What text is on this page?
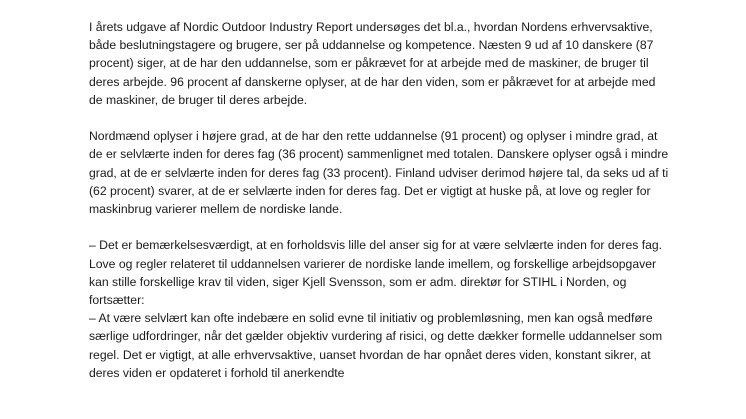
I årets udgave af Nordic Outdoor Industry Report undersøges det bl.a., hvordan Nordens erhvervsaktive, både beslutningstagere og brugere, ser på uddannelse og kompetence. Næsten 9 ud af 10 danskere (87 procent) siger, at de har den uddannelse, som er påkrævet for at arbejde med de maskiner, de bruger til deres arbejde. 96 procent af danskerne oplyser, at de har den viden, som er påkrævet for at arbejde med de maskiner, de bruger til deres arbejde.

Nordmænd oplyser i højere grad, at de har den rette uddannelse (91 procent) og oplyser i mindre grad, at de er selvlærte inden for deres fag (36 procent) sammenlignet med totalen. Danskere oplyser også i mindre grad, at de er selvlærte inden for deres fag (33 procent). Finland udviser derimod højere tal, da seks ud af ti (62 procent) svarer, at de er selvlærte inden for deres fag. Det er vigtigt at huske på, at love og regler for maskinbrug varierer mellem de nordiske lande.

– Det er bemærkelsesværdigt, at en forholdsvis lille del anser sig for at være selvlærte inden for deres fag. Love og regler relateret til uddannelsen varierer de nordiske lande imellem, og forskellige arbejdsopgaver kan stille forskellige krav til viden, siger Kjell Svensson, som er adm. direktør for STIHL i Norden, og fortsætter:

– At være selvlært kan ofte indebære en solid evne til initiativ og problemløsning, men kan også medføre særlige udfordringer, når det gælder objektiv vurdering af risici, og dette dækker formelle uddannelser som regel. Det er vigtigt, at alle erhvervsaktive, uanset hvordan de har opnået deres viden, konstant sikrer, at deres viden er opdateret i forhold til anerkendte
